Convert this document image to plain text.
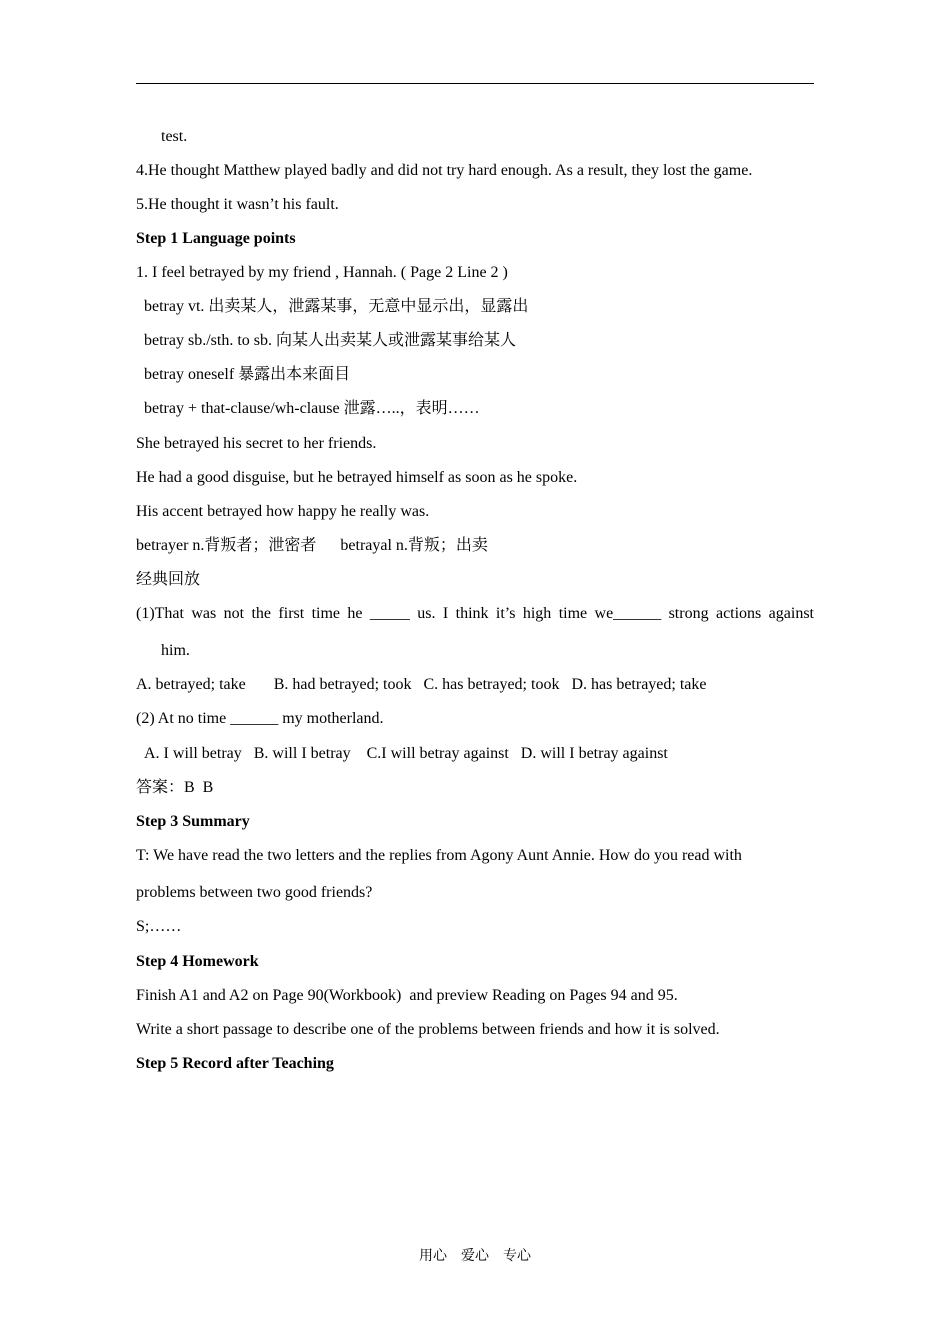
test.
4.He thought Matthew played badly and did not try hard enough. As a result, they lost the game.
5.He thought it wasn’t his fault.
Step 1 Language points
1. I feel betrayed by my friend , Hannah. ( Page 2 Line 2 )
betray vt. 出卖某人，泄露某事，无意中显示出，显露出
betray sb./sth. to sb. 向某人出卖某人或泄露某事给某人
betray oneself 暴露出本来面目
betray + that-clause/wh-clause 泄露…..，表明……
She betrayed his secret to her friends.
He had a good disguise, but he betrayed himself as soon as he spoke.
His accent betrayed how happy he really was.
betrayer n.背叛者；泄密者      betrayal n.背叛；出卖
经典回放
(1)That was not the first time he _____ us. I think it’s high time we______ strong actions against
him.
A. betrayed; take       B. had betrayed; took   C. has betrayed; took   D. has betrayed; take
(2) At no time ______ my motherland.
A. I will betray   B. will I betray    C.I will betray against   D. will I betray against
答案：B  B
Step 3 Summary
T: We have read the two letters and the replies from Agony Aunt Annie. How do you read with
problems between two good friends?
S;……
Step 4 Homework
Finish A1 and A2 on Page 90(Workbook)  and preview Reading on Pages 94 and 95.
Write a short passage to describe one of the problems between friends and how it is solved.
Step 5 Record after Teaching
用心    爱心    专心
